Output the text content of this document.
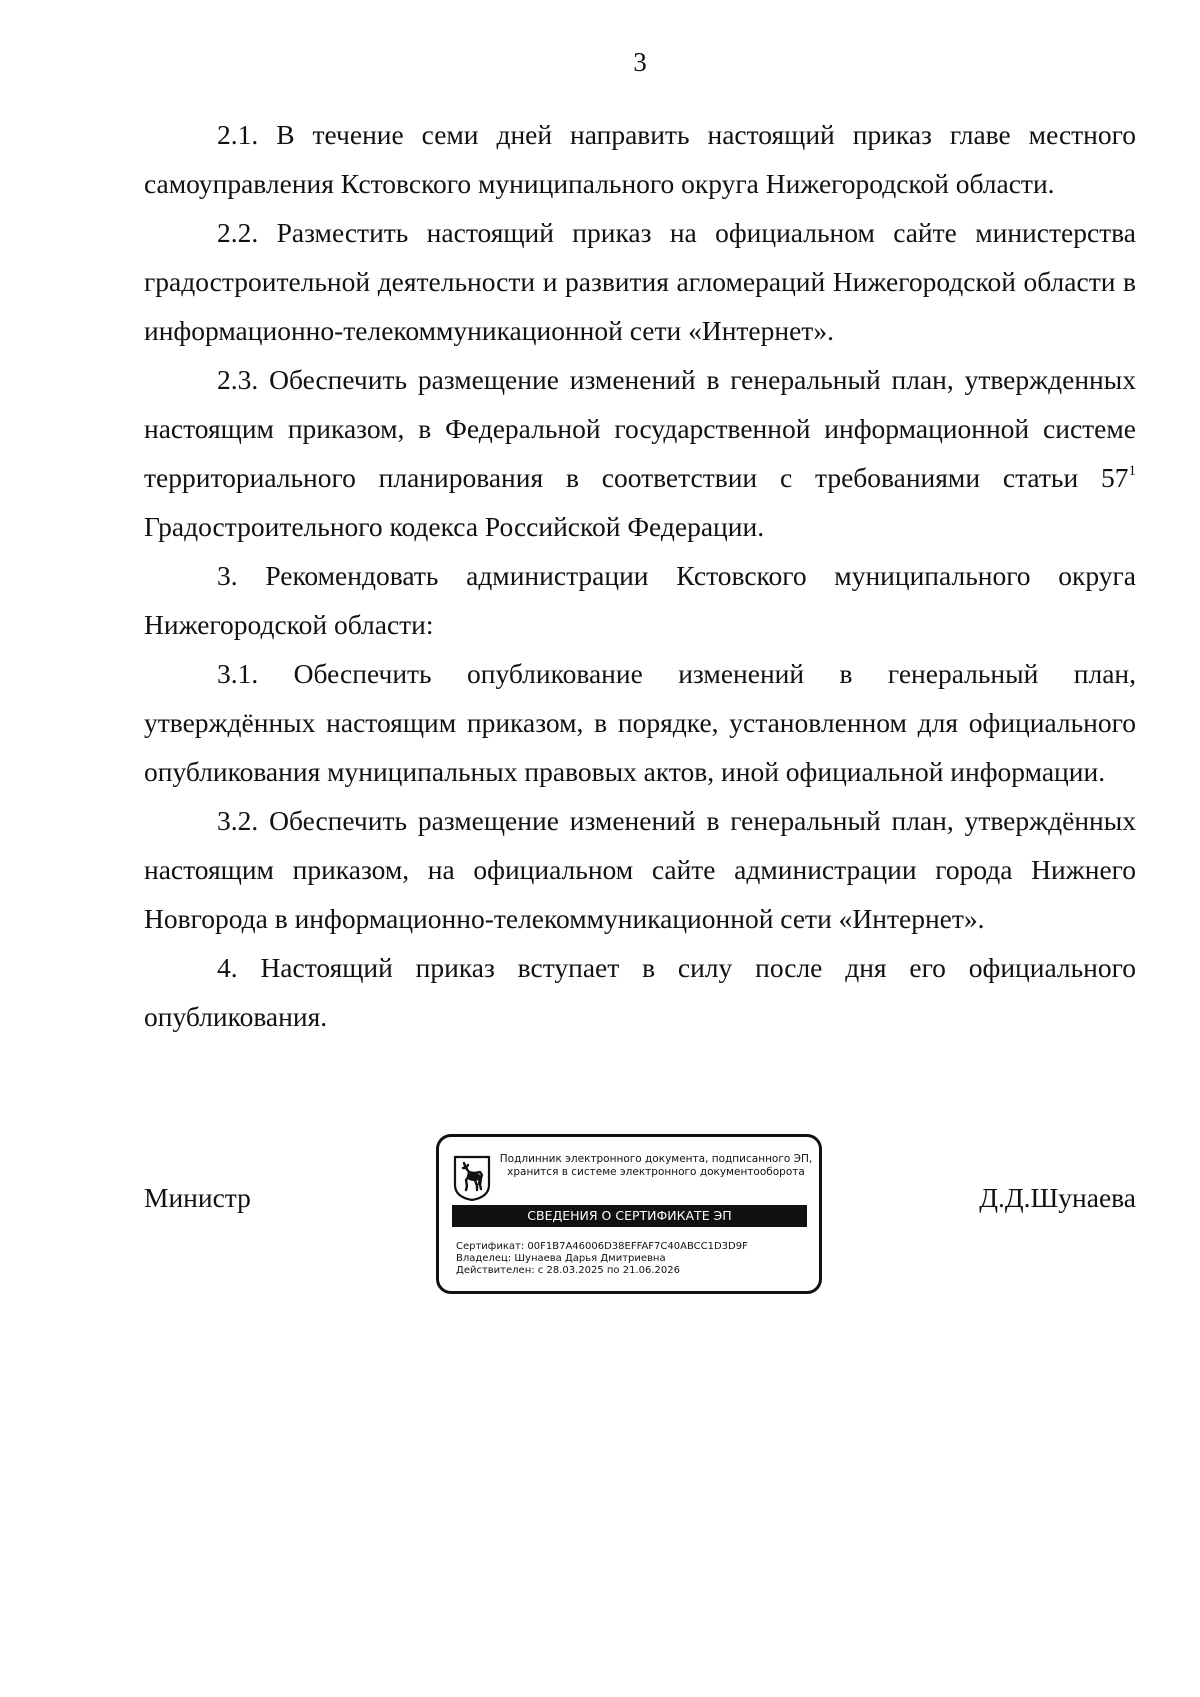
3

2.1. В течение семи дней направить настоящий приказ главе местного самоуправления Кстовского муниципального округа Нижегородской области.

2.2. Разместить настоящий приказ на официальном сайте министерства градостроительной деятельности и развития агломераций Нижегородской области в информационно-телекоммуникационной сети «Интернет».

2.3. Обеспечить размещение изменений в генеральный план, утвержденных настоящим приказом, в Федеральной государственной информационной системе территориального планирования в соответствии с требованиями статьи $57^1$ Градостроительного кодекса Российской Федерации.

3. Рекомендовать администрации Кстовского муниципального округа Нижегородской области:

3.1. Обеспечить опубликование изменений в генеральный план, утверждённых настоящим приказом, в порядке, установленном для официального опубликования муниципальных правовых актов, иной официальной информации.

3.2. Обеспечить размещение изменений в генеральный план, утверждённых настоящим приказом, на официальном сайте администрации города Нижнего Новгорода в информационно-телекоммуникационной сети «Интернет».

4. Настоящий приказ вступает в силу после дня его официального опубликования.

Министр	Д.Д.Шунаева
Подлинник электронного документа, подписанного ЭП,
хранится в системе электронного документооборота
СВЕДЕНИЯ О СЕРТИФИКАТЕ ЭП
Сертификат: 00F1B7A46006D38EFFAF7C40ABCC1D3D9F
Владелец: Шунаева Дарья Дмитриевна
Действителен: с 28.03.2025 по 21.06.2026
